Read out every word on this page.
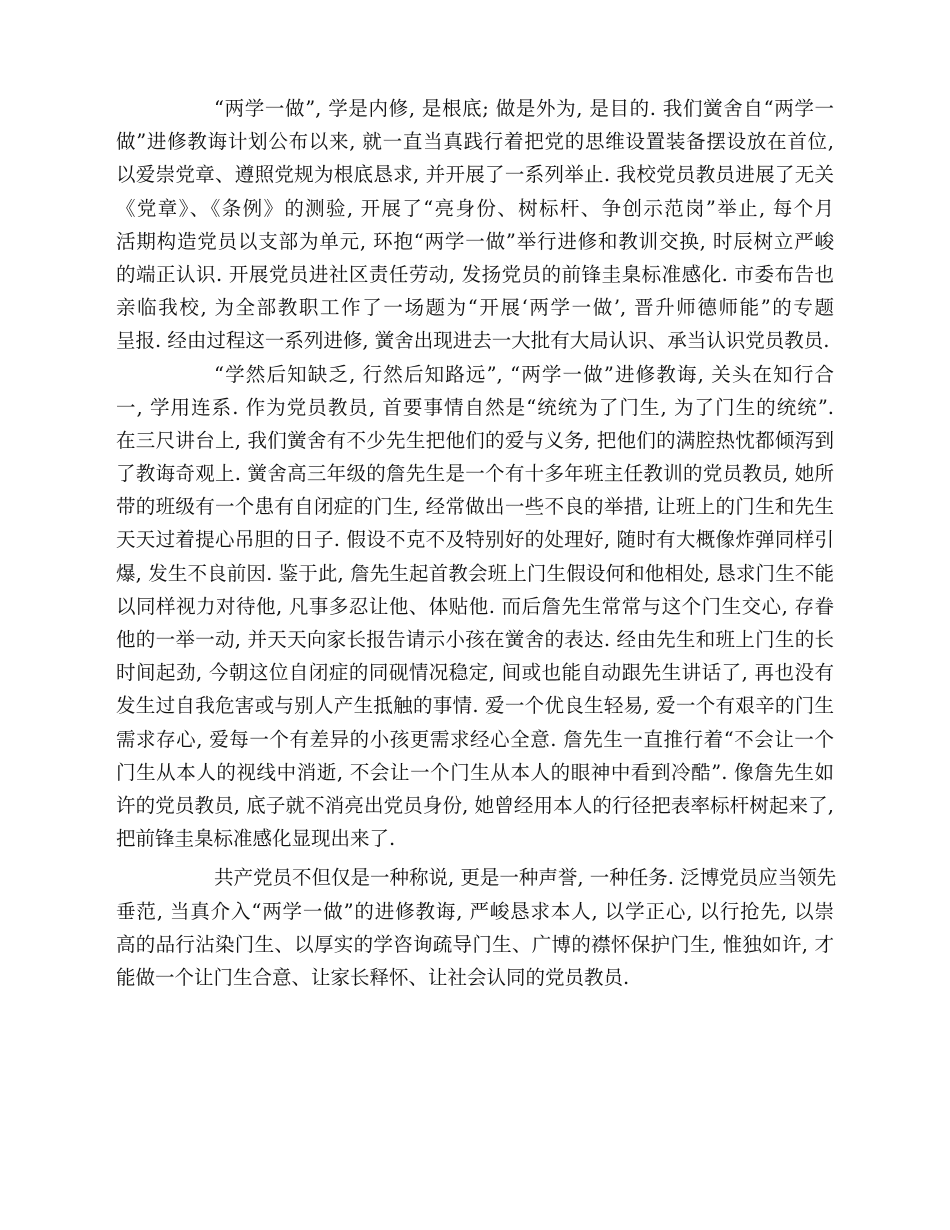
“两学一做”, 学是内修, 是根底; 做是外为, 是目的. 我们黉舍自“两学一
做”进修教诲计划公布以来, 就一直当真践行着把党的思维设置装备摆设放在首位,
以爱崇党章、遵照党规为根底恳求, 并开展了一系列举止. 我校党员教员进展了无关
《党章》、《条例》的测验, 开展了“亮身份、树标杆、争创示范岗”举止, 每个月
活期构造党员以支部为单元, 环抱“两学一做”举行进修和教训交换, 时辰树立严峻
的端正认识. 开展党员进社区责任劳动, 发扬党员的前锋圭臬标准感化. 市委布告也
亲临我校, 为全部教职工作了一场题为“开展‘两学一做’, 晋升师德师能”的专题
呈报. 经由过程这一系列进修, 黉舍出现进去一大批有大局认识、承当认识党员教员.
“学然后知缺乏, 行然后知路远”, “两学一做”进修教诲, 关头在知行合
一, 学用连系. 作为党员教员, 首要事情自然是“统统为了门生, 为了门生的统统”.
在三尺讲台上, 我们黉舍有不少先生把他们的爱与义务, 把他们的满腔热忱都倾泻到
了教诲奇观上. 黉舍高三年级的詹先生是一个有十多年班主任教训的党员教员, 她所
带的班级有一个患有自闭症的门生, 经常做出一些不良的举措, 让班上的门生和先生
天天过着提心吊胆的日子. 假设不克不及特别好的处理好, 随时有大概像炸弹同样引
爆, 发生不良前因. 鉴于此, 詹先生起首教会班上门生假设何和他相处, 恳求门生不能
以同样视力对待他, 凡事多忍让他、体贴他. 而后詹先生常常与这个门生交心, 存眷
他的一举一动, 并天天向家长报告请示小孩在黉舍的表达. 经由先生和班上门生的长
时间起劲, 今朝这位自闭症的同砚情况稳定, 间或也能自动跟先生讲话了, 再也没有
发生过自我危害或与别人产生抵触的事情. 爱一个优良生轻易, 爱一个有艰辛的门生
需求存心, 爱每一个有差异的小孩更需求经心全意. 詹先生一直推行着“不会让一个
门生从本人的视线中消逝, 不会让一个门生从本人的眼神中看到冷酷”. 像詹先生如
许的党员教员, 底子就不消亮出党员身份, 她曾经用本人的行径把表率标杆树起来了,
把前锋圭臬标准感化显现出来了.
共产党员不但仅是一种称说, 更是一种声誉, 一种任务. 泛博党员应当领先
垂范, 当真介入“两学一做”的进修教诲, 严峻恳求本人, 以学正心, 以行抢先, 以崇
高的品行沾染门生、以厚实的学咨询疏导门生、广博的襟怀保护门生, 惟独如许, 才
能做一个让门生合意、让家长释怀、让社会认同的党员教员.
